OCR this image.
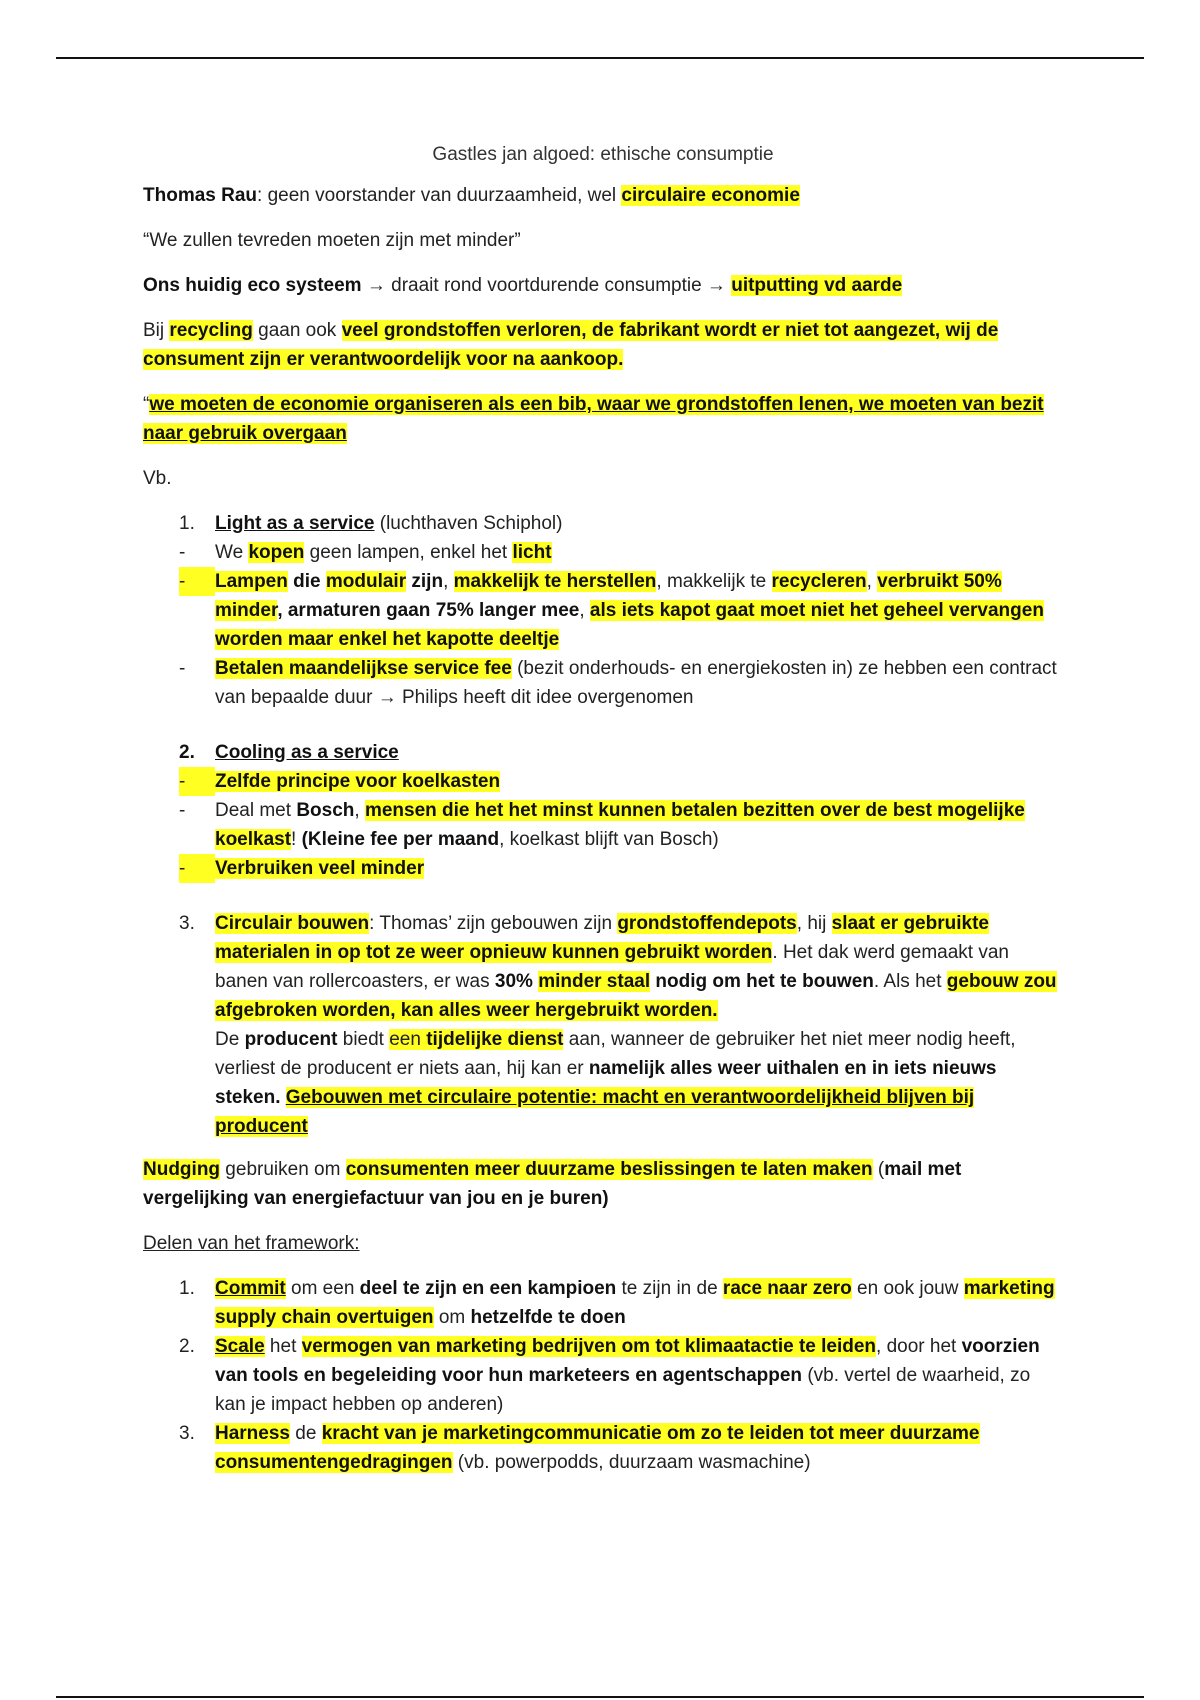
Gastles jan algoed: ethische consumptie

Thomas Rau: geen voorstander van duurzaamheid, wel circulaire economie

“We zullen tevreden moeten zijn met minder”

Ons huidig eco systeem → draait rond voortdurende consumptie → uitputting vd aarde

Bij recycling gaan ook veel grondstoffen verloren, de fabrikant wordt er niet tot aangezet, wij de consument zijn er verantwoordelijk voor na aankoop.

“we moeten de economie organiseren als een bib, waar we grondstoffen lenen, we moeten van bezit naar gebruik overgaan

Vb.

1. Light as a service (luchthaven Schiphol)
-	We kopen geen lampen, enkel het licht
-	Lampen die modulair zijn, makkelijk te herstellen, makkelijk te recycleren, verbruikt 50% minder, armaturen gaan 75% langer mee, als iets kapot gaat moet niet het geheel vervangen worden maar enkel het kapotte deeltje
-	Betalen maandelijkse service fee (bezit onderhouds- en energiekosten in) ze hebben een contract van bepaalde duur → Philips heeft dit idee overgenomen
2. Cooling as a service
-	Zelfde principe voor koelkasten
-	Deal met Bosch, mensen die het het minst kunnen betalen bezitten over de best mogelijke koelkast! (Kleine fee per maand, koelkast blijft van Bosch)
-	Verbruiken veel minder
3. Circulair bouwen: Thomas’ zijn gebouwen zijn grondstoffendepots, hij slaat er gebruikte materialen in op tot ze weer opnieuw kunnen gebruikt worden. Het dak werd gemaakt van banen van rollercoasters, er was 30% minder staal nodig om het te bouwen. Als het gebouw zou afgebroken worden, kan alles weer hergebruikt worden.
De producent biedt een tijdelijke dienst aan, wanneer de gebruiker het niet meer nodig heeft, verliest de producent er niets aan, hij kan er namelijk alles weer uithalen en in iets nieuws steken. Gebouwen met circulaire potentie: macht en verantwoordelijkheid blijven bij producent

Nudging gebruiken om consumenten meer duurzame beslissingen te laten maken (mail met vergelijking van energiefactuur van jou en je buren)

Delen van het framework:

1. Commit om een deel te zijn en een kampioen te zijn in de race naar zero en ook jouw marketing supply chain overtuigen om hetzelfde te doen
2. Scale het vermogen van marketing bedrijven om tot klimaatactie te leiden, door het voorzien van tools en begeleiding voor hun marketeers en agentschappen (vb. vertel de waarheid, zo kan je impact hebben op anderen)
3. Harness de kracht van je marketingcommunicatie om zo te leiden tot meer duurzame consumentengedragingen (vb. powerpodds, duurzaam wasmachine)
